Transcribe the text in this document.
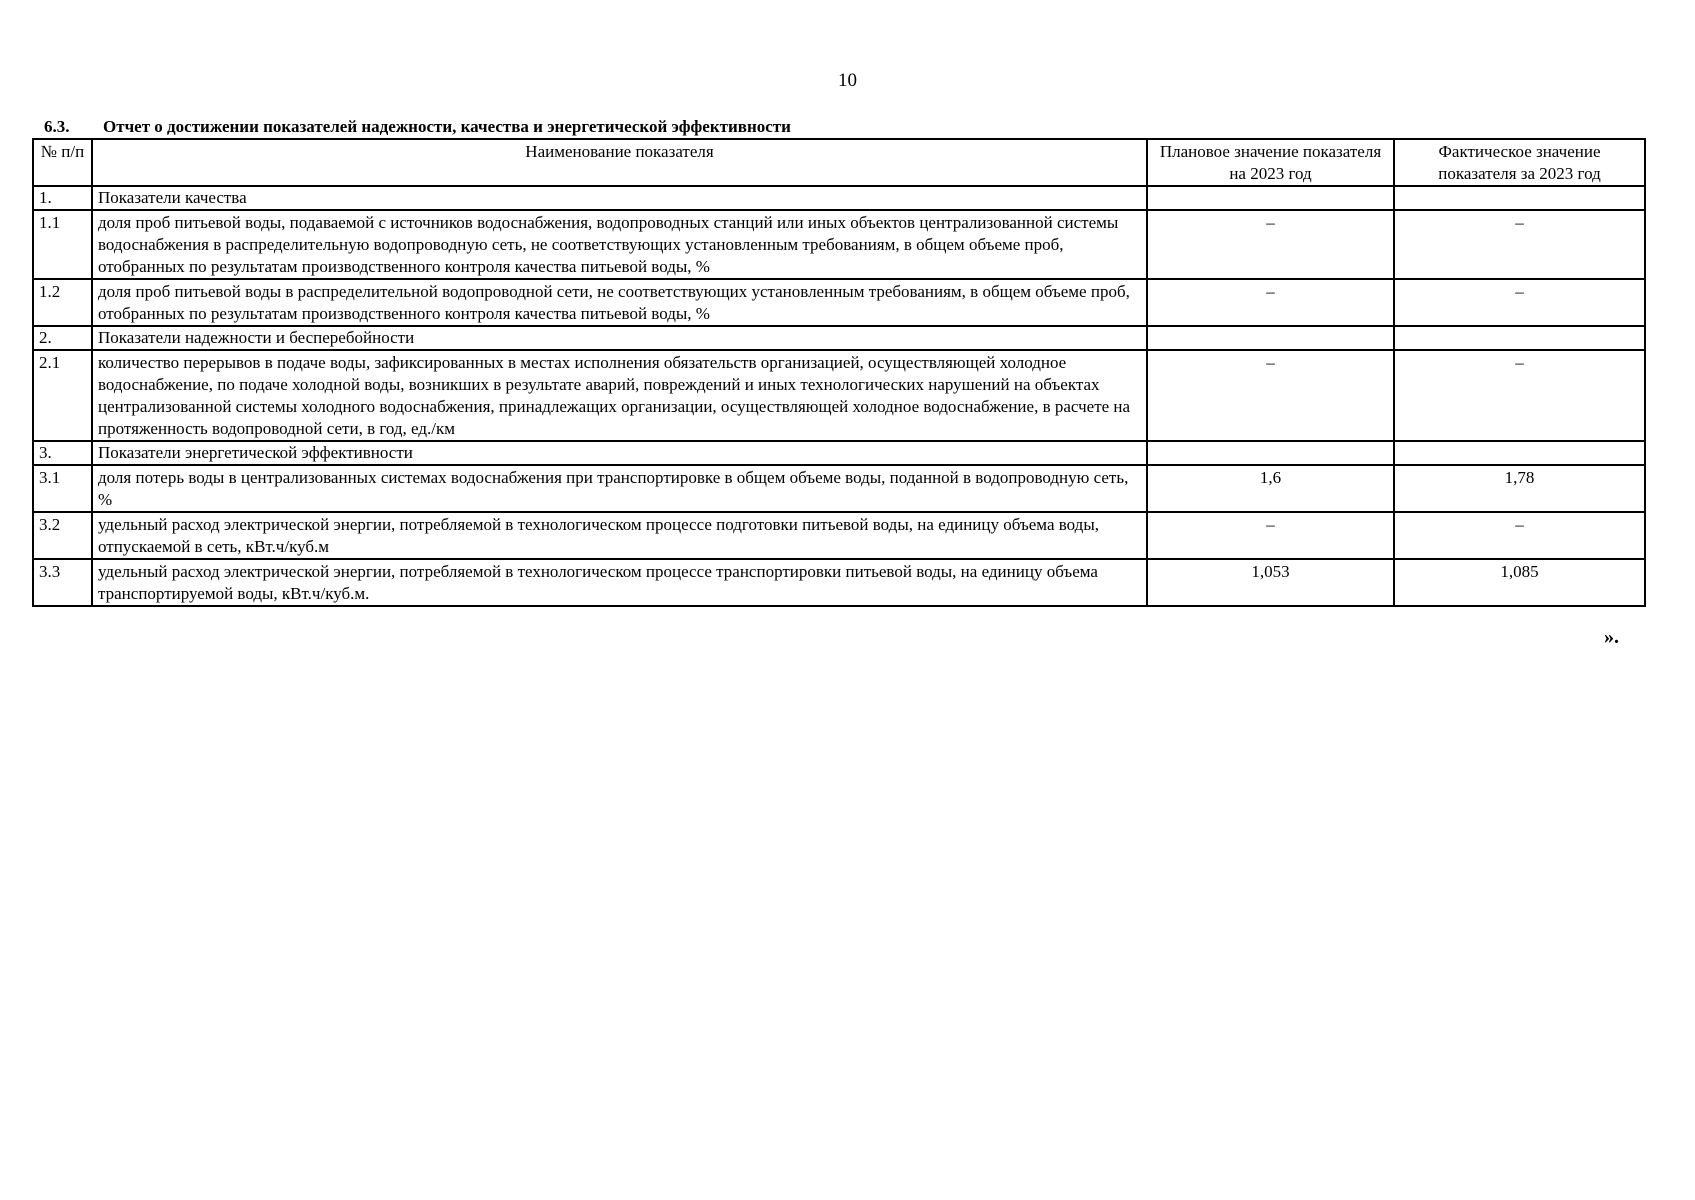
10
6.3. Отчет о достижении показателей надежности, качества и энергетической эффективности
№ п/п	Наименование показателя	Плановое значение показателя на 2023 год	Фактическое значение показателя за 2023 год
1.	Показатели качества		
1.1	доля проб питьевой воды, подаваемой с источников водоснабжения, водопроводных станций или иных объектов централизованной системы водоснабжения в распределительную водопроводную сеть, не соответствующих установленным требованиям, в общем объеме проб, отобранных по результатам производственного контроля качества питьевой воды, %	–	–
1.2	доля проб питьевой воды в распределительной водопроводной сети, не соответствующих установленным требованиям, в общем объеме проб, отобранных по результатам производственного контроля качества питьевой воды, %	–	–
2.	Показатели надежности и бесперебойности		
2.1	количество перерывов в подаче воды, зафиксированных в местах исполнения обязательств организацией, осуществляющей холодное водоснабжение, по подаче холодной воды, возникших в результате аварий, повреждений и иных технологических нарушений на объектах централизованной системы холодного водоснабжения, принадлежащих организации, осуществляющей холодное водоснабжение, в расчете на протяженность водопроводной сети, в год, ед./км	–	–
3.	Показатели энергетической эффективности		
3.1	доля потерь воды в централизованных системах водоснабжения при транспортировке в общем объеме воды, поданной в водопроводную сеть, %	1,6	1,78
3.2	удельный расход электрической энергии, потребляемой в технологическом процессе подготовки питьевой воды, на единицу объема воды, отпускаемой в сеть, кВт.ч/куб.м	–	–
3.3	удельный расход электрической энергии, потребляемой в технологическом процессе транспортировки питьевой воды, на единицу объема транспортируемой воды, кВт.ч/куб.м.	1,053	1,085
».
